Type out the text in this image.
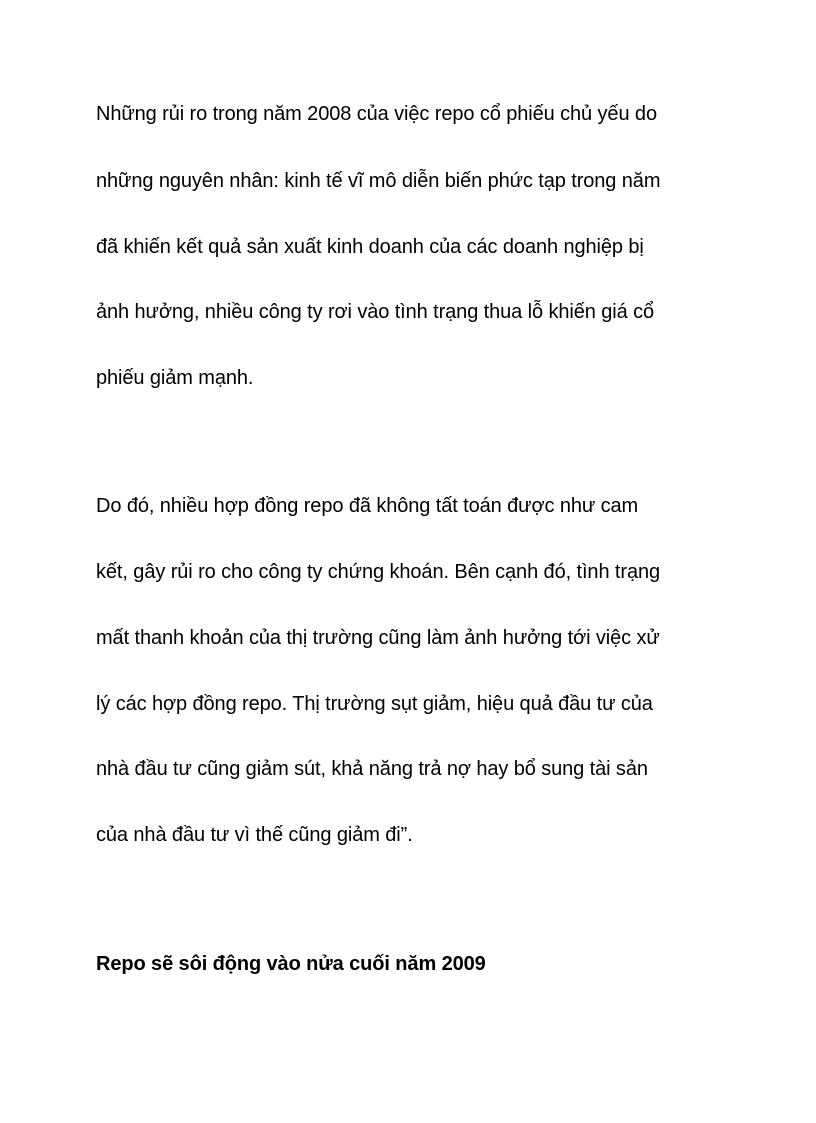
Những rủi ro trong năm 2008 của việc repo cổ phiếu chủ yếu do
những nguyên nhân: kinh tế vĩ mô diễn biến phức tạp trong năm
đã khiến kết quả sản xuất kinh doanh của các doanh nghiệp bị
ảnh hưởng, nhiều công ty rơi vào tình trạng thua lỗ khiến giá cổ
phiếu giảm mạnh.
Do đó, nhiều hợp đồng repo đã không tất toán được như cam
kết, gây rủi ro cho công ty chứng khoán. Bên cạnh đó, tình trạng
mất thanh khoản của thị trường cũng làm ảnh hưởng tới việc xử
lý các hợp đồng repo. Thị trường sụt giảm, hiệu quả đầu tư của
nhà đầu tư cũng giảm sút, khả năng trả nợ hay bổ sung tài sản
của nhà đầu tư vì thế cũng giảm đi”.
Repo sẽ sôi động vào nửa cuối năm 2009
